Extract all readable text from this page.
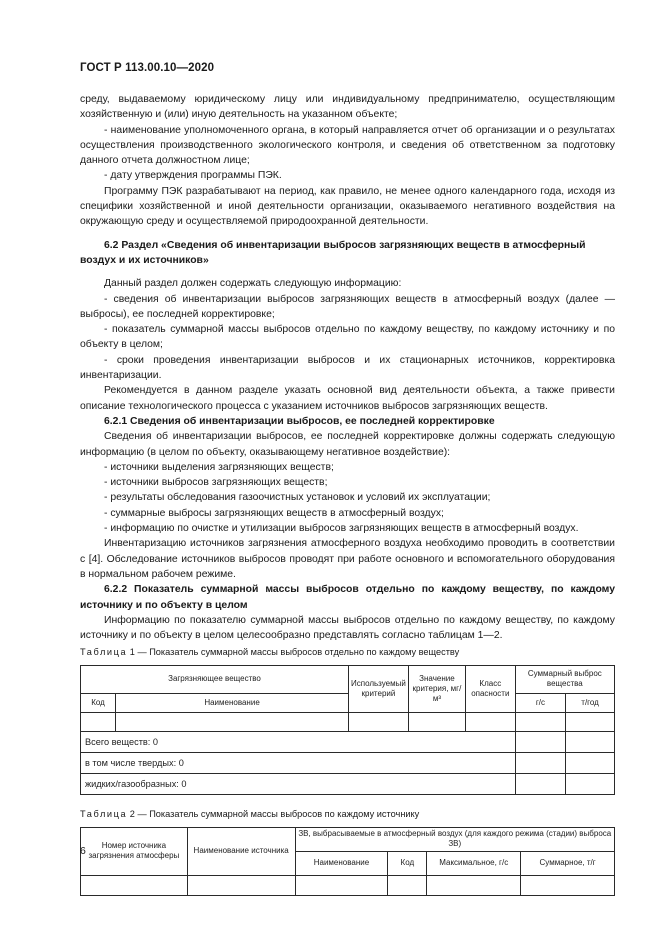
ГОСТ Р 113.00.10—2020

среду, выдаваемому юридическому лицу или индивидуальному предпринимателю, осуществляющим хозяйственную и (или) иную деятельность на указанном объекте;

- наименование уполномоченного органа, в который направляется отчет об организации и о результатах осуществления производственного экологического контроля, и сведения об ответственном за подготовку данного отчета должностном лице;

- дату утверждения программы ПЭК.

Программу ПЭК разрабатывают на период, как правило, не менее одного календарного года, исходя из специфики хозяйственной и иной деятельности организации, оказываемого негативного воздействия на окружающую среду и осуществляемой природоохранной деятельности.

6.2 Раздел «Сведения об инвентаризации выбросов загрязняющих веществ в атмосферный воздух и их источников»

Данный раздел должен содержать следующую информацию:

- сведения об инвентаризации выбросов загрязняющих веществ в атмосферный воздух (далее — выбросы), ее последней корректировке;

- показатель суммарной массы выбросов отдельно по каждому веществу, по каждому источнику и по объекту в целом;

- сроки проведения инвентаризации выбросов и их стационарных источников, корректировка инвентаризации.

Рекомендуется в данном разделе указать основной вид деятельности объекта, а также привести описание технологического процесса с указанием источников выбросов загрязняющих веществ.

6.2.1 Сведения об инвентаризации выбросов, ее последней корректировке

Сведения об инвентаризации выбросов, ее последней корректировке должны содержать следующую информацию (в целом по объекту, оказывающему негативное воздействие):

- источники выделения загрязняющих веществ;

- источники выбросов загрязняющих веществ;

- результаты обследования газоочистных установок и условий их эксплуатации;

- суммарные выбросы загрязняющих веществ в атмосферный воздух;

- информацию по очистке и утилизации выбросов загрязняющих веществ в атмосферный воздух.

Инвентаризацию источников загрязнения атмосферного воздуха необходимо проводить в соответствии с [4]. Обследование источников выбросов проводят при работе основного и вспомогательного оборудования в нормальном рабочем режиме.

6.2.2 Показатель суммарной массы выбросов отдельно по каждому веществу, по каждому источнику и по объекту в целом

Информацию по показателю суммарной массы выбросов отдельно по каждому веществу, по каждому источнику и по объекту в целом целесообразно представлять согласно таблицам 1—2.

Таблица 1 — Показатель суммарной массы выбросов отдельно по каждому веществу

Загрязняющее вещество		Используемый критерий	Значение критерия, мг/м³	Класс опасности	Суммарный выброс вещества	
Код	Наименование				г/с	т/год

Всего веществ: 0						
в том числе твердых: 0						
жидких/газообразных: 0						

Таблица 2 — Показатель суммарной массы выбросов по каждому источнику

Номер источника загрязнения атмосферы	Наименование источника	ЗВ, выбрасываемые в атмосферный воздух (для каждого режима (стадии) выброса ЗВ)			
		Наименование	Код	Максимальное, г/с	Суммарное, т/г

6
